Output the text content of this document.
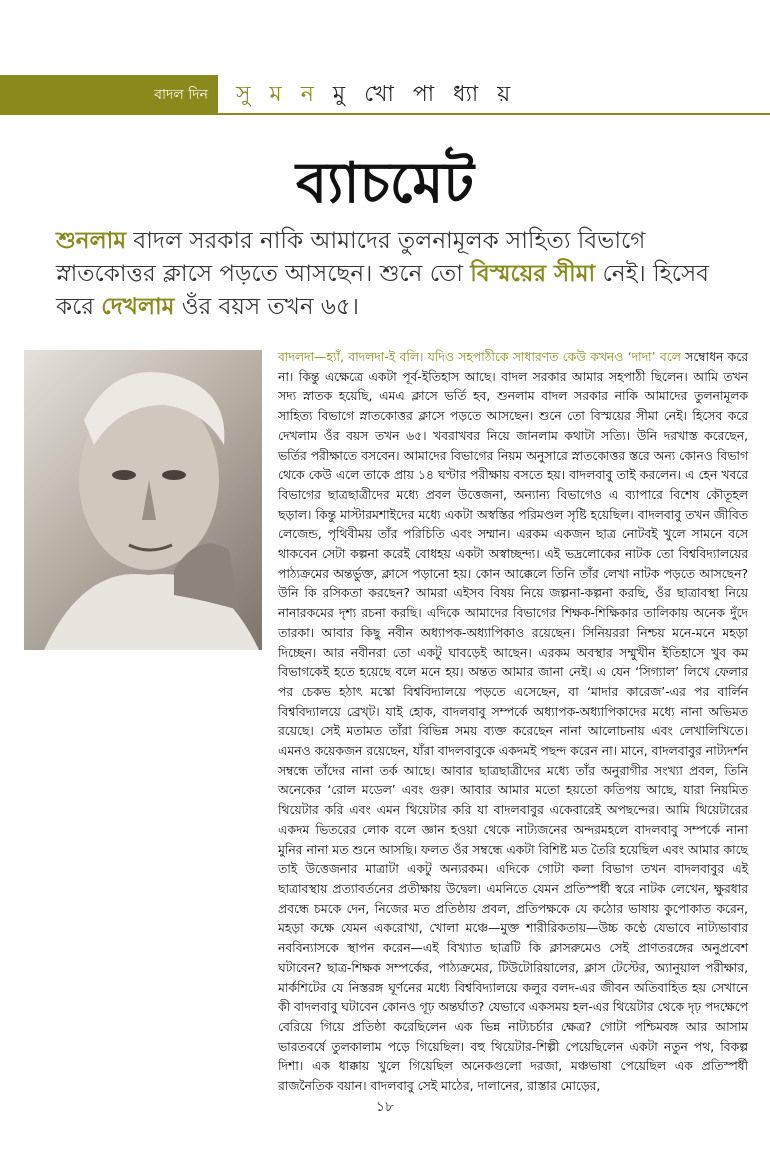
বাদল দিন	সু ম ন মু খো পা ধ্যা য়
ব্যাচমেট
শুনলাম বাদল সরকার নাকি আমাদের তুলনামূলক সাহিত্য বিভাগে স্নাতকোত্তর ক্লাসে পড়তে আসছেন। শুনে তো বিস্ময়ের সীমা নেই। হিসেব করে দেখলাম ওঁর বয়স তখন ৬৫।
বাদলদা—হ্যাঁ, বাদলদা-ই বলি। যদিও সহপাঠীকে সাধারণত কেউ কখনও ‘দাদা’ বলে সম্বোধন করে না। কিন্তু এক্ষেত্রে একটা পূর্ব-ইতিহাস আছে। বাদল সরকার আমার সহপাঠী ছিলেন। আমি তখন সদ্য স্নাতক হয়েছি, এমএ ক্লাসে ভর্তি হব, শুনলাম বাদল সরকার নাকি আমাদের তুলনামূলক সাহিত্য বিভাগে স্নাতকোত্তর ক্লাসে পড়তে আসছেন। শুনে তো বিস্ময়ের সীমা নেই। হিসেব করে দেখলাম ওঁর বয়স তখন ৬৫। খবরাখবর নিয়ে জানলাম কথাটা সত্যি। উনি দরখাস্ত করেছেন, ভর্তির পরীক্ষাতে বসবেন। আমাদের বিভাগের নিয়ম অনুসারে স্নাতকোত্তর স্তরে অন্য কোনও বিভাগ থেকে কেউ এলে তাকে প্রায় ১৪ ঘণ্টার পরীক্ষায় বসতে হয়। বাদলবাবু তাই করলেন। এ হেন খবরে বিভাগের ছাত্রছাত্রীদের মধ্যে প্রবল উত্তেজনা, অন্যান্য বিভাগেও এ ব্যাপারে বিশেষ কৌতূহল ছড়াল। কিন্তু মাস্টারমশাইদের মধ্যে একটা অস্বস্তির পরিমণ্ডল সৃষ্টি হয়েছিল। বাদলবাবু তখন জীবিত লেজেন্ড, পৃথিবীময় তাঁর পরিচিতি এবং সম্মান। এরকম একজন ছাত্র নোটবই খুলে সামনে বসে থাকবেন সেটা কল্পনা করেই বোধহয় একটা অস্বাচ্ছন্দ্য। এই ভদ্রলোকের নাটক তো বিশ্ববিদ্যালয়ের পাঠ্যক্রমের অন্তর্ভুক্ত, ক্লাসে পড়ানো হয়। কোন আক্কেলে তিনি তাঁর লেখা নাটক পড়তে আসছেন? উনি কি রসিকতা করছেন? আমরা এইসব বিষয় নিয়ে জল্পনা-কল্পনা করছি, ওঁর ছাত্রাবস্থা নিয়ে নানারকমের দৃশ্য রচনা করছি। এদিকে আমাদের বিভাগের শিক্ষক-শিক্ষিকার তালিকায় অনেক দুঁদে তারকা। আবার কিছু নবীন অধ্যাপক-অধ্যাপিকাও রয়েছেন। সিনিয়ররা নিশ্চয় মনে-মনে মহড়া দিচ্ছেন। আর নবীনরা তো একটু ঘাবড়েই আছেন। এরকম অবস্থার সম্মুখীন ইতিহাসে খুব কম বিভাগকেই হতে হয়েছে বলে মনে হয়। অন্তত আমার জানা নেই। এ যেন ‘সিগ্যাল’ লিখে ফেলার পর চেকভ হঠাৎ মস্কো বিশ্ববিদ্যালয়ে পড়তে এসেছেন, বা ‘মাদার কারেজ’-এর পর বার্লিন বিশ্ববিদ্যালয়ে ব্রেখ্‌ট। যাই হোক, বাদলবাবু সম্পর্কে অধ্যাপক-অধ্যাপিকাদের মধ্যে নানা অভিমত রয়েছে। সেই মতামত তাঁরা বিভিন্ন সময় ব্যক্ত করেছেন নানা আলোচনায় এবং লেখালিখিতে। এমনও কয়েকজন রয়েছেন, যাঁরা বাদলবাবুকে একদমই পছন্দ করেন না। মানে, বাদলবাবুর নাট্যদর্শন সম্বন্ধে তাঁদের নানা তর্ক আছে। আবার ছাত্রছাত্রীদের মধ্যে তাঁর অনুরাগীর সংখ্যা প্রবল, তিনি অনেকের ‘রোল মডেল’ এবং গুরু। আবার আমার মতো হয়তো কতিপয় আছে, যারা নিয়মিত থিয়েটার করি এবং এমন থিয়েটার করি যা বাদলবাবুর একেবারেই অপছন্দের। আমি থিয়েটারের একদম ভিতরের লোক বলে জ্ঞান হওয়া থেকে নাট্যজনের অন্দরমহলে বাদলবাবু সম্পর্কে নানা মুনির নানা মত শুনে আসছি। ফলত ওঁর সম্বন্ধে একটা বিশিষ্ট মত তৈরি হয়েছিল এবং আমার কাছে তাই উত্তেজনার মাত্রাটা একটু অন্যরকম। এদিকে গোটা কলা বিভাগ তখন বাদলবাবুর এই ছাত্রাবস্থায় প্রত্যাবর্তনের প্রতীক্ষায় উদ্বেল। এমনিতে যেমন প্রতিস্পর্ধী স্বরে নাটক লেখেন, ক্ষুরধার প্রবন্ধে চমকে দেন, নিজের মত প্রতিষ্ঠায় প্রবল, প্রতিপক্ষকে যে কঠোর ভাষায় কুপোকাত করেন, মহড়া কক্ষে যেমন একরোখা, খোলা মঞ্চে—মুক্ত শারীরিকতায়—উচ্চ কণ্ঠে যেভাবে নাট্যভাবার নববিন্যাসকে স্থাপন করেন—এই বিখ্যাত ছাত্রটি কি ক্লাসরুমেও সেই প্রাণতরঙ্গের অনুপ্রবেশ ঘটাবেন? ছাত্র-শিক্ষক সম্পর্কের, পাঠ্যক্রমের, টিউটোরিয়ালের, ক্লাস টেস্টের, অ্যানুয়াল পরীক্ষার, মার্কশিটের যে নিস্তরঙ্গ ঘূর্ণনের মধ্যে বিশ্ববিদ্যালয়ে কলুর বলদ-এর জীবন অতিবাহিত হয় সেখানে কী বাদলবাবু ঘটাবেন কোনও গূঢ় অন্তর্ঘাত? যেভাবে একসময় হল-এর থিয়েটার থেকে দৃঢ় পদক্ষেপে বেরিয়ে গিয়ে প্রতিষ্ঠা করেছিলেন এক ভিন্ন নাট্যচর্চার ক্ষেত্র? গোটা পশ্চিমবঙ্গ আর আসাম ভারতবর্ষে তুলকালাম পড়ে গিয়েছিল। বহু থিয়েটার-শিল্পী পেয়েছিলেন একটা নতুন পথ, বিকল্প দিশা। এক ধাক্কায় খুলে গিয়েছিল অনেকগুলো দরজা, মঞ্চভাষা পেয়েছিল এক প্রতিস্পর্ধী রাজনৈতিক বয়ান। বাদলবাবু সেই মাঠের, দালানের, রাস্তার মোড়ের,
১৮
